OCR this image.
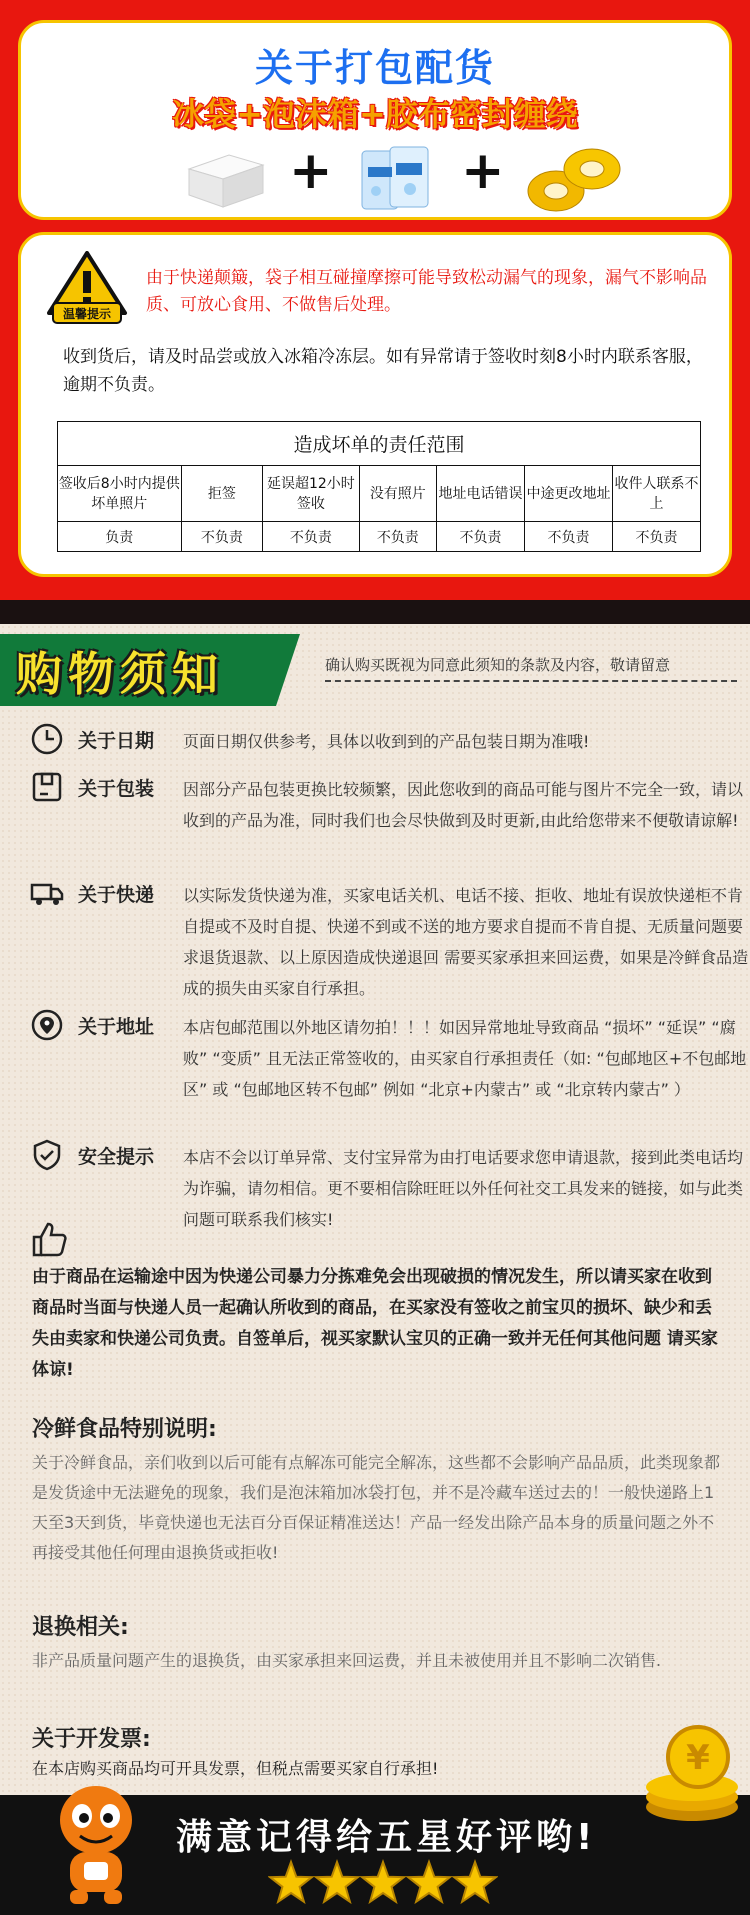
关于打包配货
冰袋+泡沫箱+胶布密封缠绕
+ +
温馨提示
由于快递颠簸，袋子相互碰撞摩擦可能导致松动漏气的现象，漏气不影响品质、可放心食用、不做售后处理。
收到货后，请及时品尝或放入冰箱冷冻层。如有异常请于签收时刻8小时内联系客服，逾期不负责。
造成坏单的责任范围						
签收后8小时内提供坏单照片	拒签	延误超12小时签收	没有照片	地址电话错误	中途更改地址	收件人联系不上
负责	不负责	不负责	不负责	不负责	不负责	不负责
购物须知	确认购买既视为同意此须知的条款及内容，敬请留意
关于日期 页面日期仅供参考，具体以收到到的产品包装日期为准哦!
关于包装 因部分产品包装更换比较频繁，因此您收到的商品可能与图片不完全一致，请以收到的产品为准，同时我们也会尽快做到及时更新,由此给您带来不便敬请谅解!
关于快递 以实际发货快递为准，买家电话关机、电话不接、拒收、地址有误放快递柜不肯自提或不及时自提、快递不到或不送的地方要求自提而不肯自提、无质量问题要求退货退款、以上原因造成快递退回 需要买家承担来回运费，如果是冷鲜食品造成的损失由买家自行承担。
关于地址 本店包邮范围以外地区请勿拍！！！如因异常地址导致商品 “损坏” “延误” “腐败” “变质” 且无法正常签收的，由买家自行承担责任（如: “包邮地区+不包邮地区” 或 “包邮地区转不包邮” 例如 “北京+内蒙古” 或 “北京转内蒙古” ）
安全提示 本店不会以订单异常、支付宝异常为由打电话要求您申请退款，接到此类电话均为诈骗，请勿相信。更不要相信除旺旺以外任何社交工具发来的链接，如与此类问题可联系我们核实!
由于商品在运输途中因为快递公司暴力分拣难免会出现破损的情况发生，所以请买家在收到商品时当面与快递人员一起确认所收到的商品，在买家没有签收之前宝贝的损坏、缺少和丢失由卖家和快递公司负责。自签单后，视买家默认宝贝的正确一致并无任何其他问题 请买家体谅!
冷鲜食品特别说明:
关于冷鲜食品，亲们收到以后可能有点解冻可能完全解冻，这些都不会影响产品品质，此类现象都是发货途中无法避免的现象，我们是泡沫箱加冰袋打包，并不是冷藏车送过去的！一般快递路上1天至3天到货，毕竟快递也无法百分百保证精准送达！产品一经发出除产品本身的质量问题之外不再接受其他任何理由退换货或拒收!
退换相关:
非产品质量问题产生的退换货，由买家承担来回运费，并且未被使用并且不影响二次销售.
关于开发票:
在本店购买商品均可开具发票，但税点需要买家自行承担!
满意记得给五星好评哟!
¥
